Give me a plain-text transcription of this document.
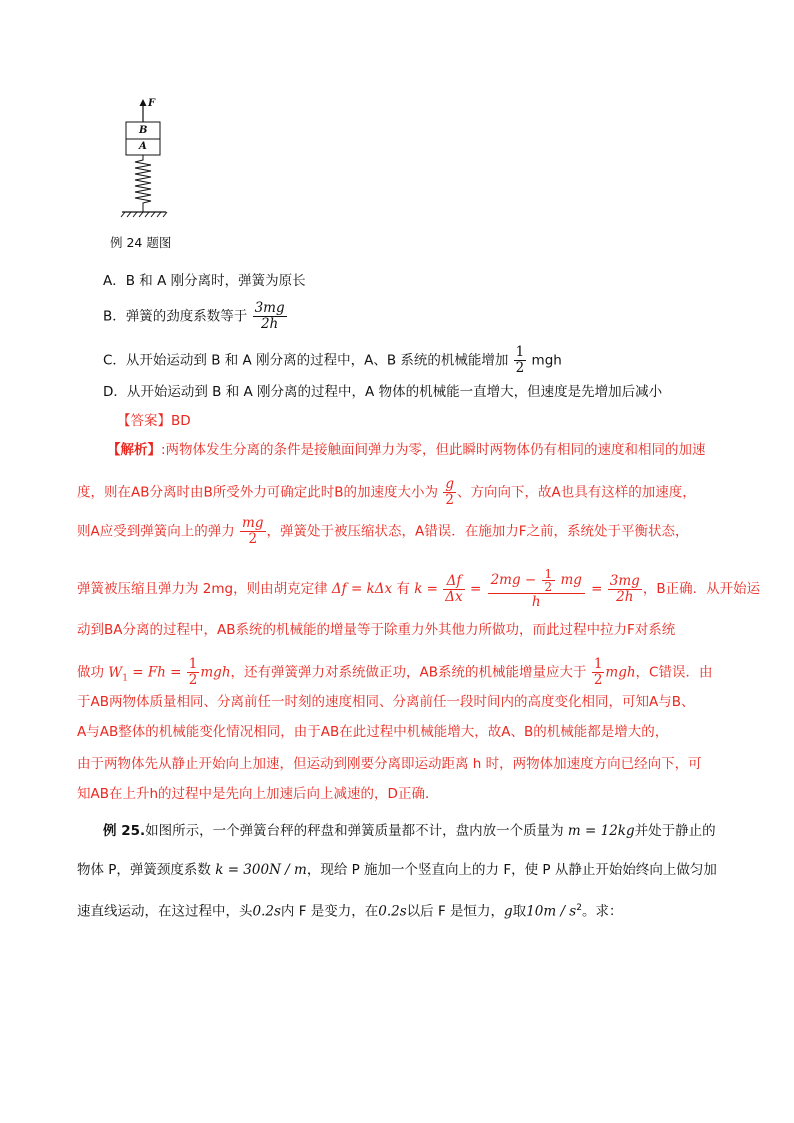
F
B
A
例 24 题图
A．B 和 A 刚分离时，弹簧为原长
B．弹簧的劲度系数等于 $\frac{3mg}{2h}$
C．从开始运动到 B 和 A 刚分离的过程中，A、B 系统的机械能增加 $\frac{1}{2}$ mgh
D．从开始运动到 B 和 A 刚分离的过程中，A 物体的机械能一直增大，但速度是先增加后减小
【答案】BD
【解析】:两物体发生分离的条件是接触面间弹力为零，但此瞬时两物体仍有相同的速度和相同的加速
度，则在AB分离时由B所受外力可确定此时B的加速度大小为 $\frac{g}{2}$ 、方向向下，故A也具有这样的加速度，
则A应受到弹簧向上的弹力 $\frac{mg}{2}$ ，弹簧处于被压缩状态，A错误．在施加力F之前，系统处于平衡状态，
弹簧被压缩且弹力为 2mg，则由胡克定律 Δf = kΔx 有 $k = \frac{\Delta f}{\Delta x} = \frac{2mg - \frac{1}{2} mg}{h} = \frac{3mg}{2h}$ ，B正确．从开始运
动到BA分离的过程中，AB系统的机械能的增量等于除重力外其他力所做功，而此过程中拉力F对系统
做功 $W_1 = Fh = \frac{1}{2}$ mgh，还有弹簧弹力对系统做正功，AB系统的机械能增量应大于 $\frac{1}{2}$ mgh，C错误．由
于AB两物体质量相同、分离前任一时刻的速度相同、分离前任一段时间内的高度变化相同，可知A与B、
A与AB整体的机械能变化情况相同，由于AB在此过程中机械能增大，故A、B的机械能都是增大的，
由于两物体先从静止开始向上加速，但运动到刚要分离即运动距离 h 时，两物体加速度方向已经向下，可
知AB在上升h的过程中是先向上加速后向上减速的，D正确．
例 25.如图所示，一个弹簧台秤的秤盘和弹簧质量都不计，盘内放一个质量为 m = 12kg并处于静止的
物体 P，弹簧颈度系数 k = 300N / m，现给 P 施加一个竖直向上的力 F，使 P 从静止开始始终向上做匀加
速直线运动，在这过程中，头0.2s内 F 是变力，在0.2s以后 F 是恒力，g取$10m / s^2$。求：
